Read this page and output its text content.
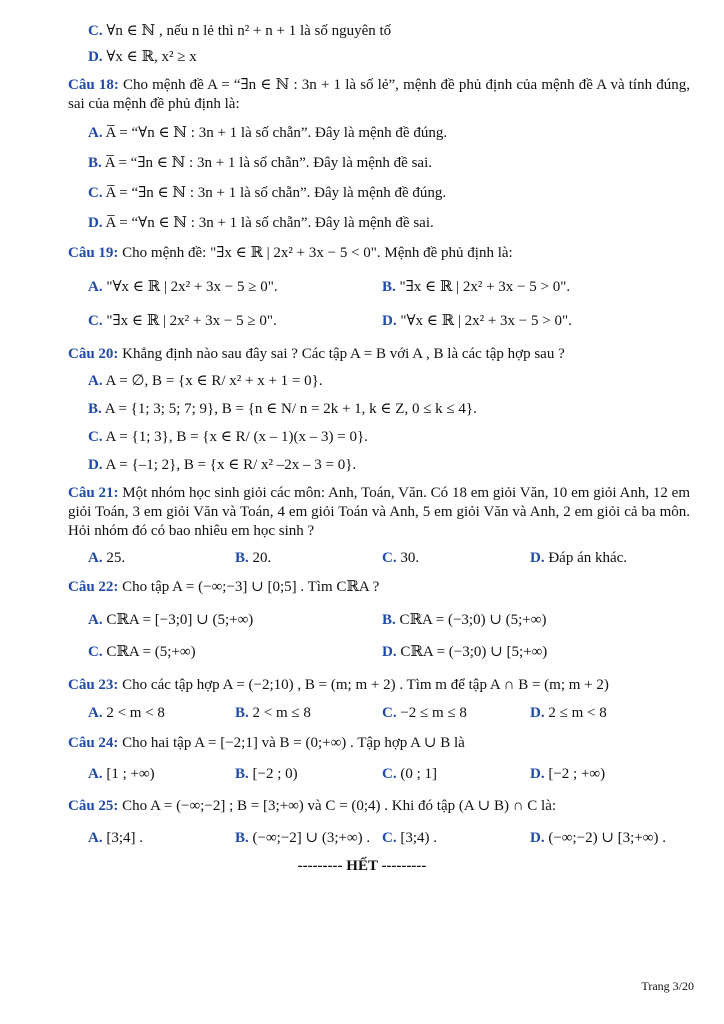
C. ∀n ∈ ℕ , nếu n lẻ thì n² + n + 1 là số nguyên tố
D. ∀x ∈ ℝ, x² ≥ x
Câu 18: Cho mệnh đề A = “∃n ∈ ℕ : 3n + 1 là số lẻ”, mệnh đề phủ định của mệnh đề A và tính đúng, sai của mệnh đề phủ định là:
A. A̅ = “∀n ∈ ℕ : 3n + 1 là số chẵn”. Đây là mệnh đề đúng.
B. A̅ = “∃n ∈ ℕ : 3n + 1 là số chẵn”. Đây là mệnh đề sai.
C. A̅ = “∃n ∈ ℕ : 3n + 1 là số chẵn”. Đây là mệnh đề đúng.
D. A̅ = “∀n ∈ ℕ : 3n + 1 là số chẵn”. Đây là mệnh đề sai.
Câu 19: Cho mệnh đề: "∃x ∈ ℝ | 2x² + 3x − 5 < 0". Mệnh đề phủ định là:
A. "∀x ∈ ℝ | 2x² + 3x − 5 ≥ 0".	B. "∃x ∈ ℝ | 2x² + 3x − 5 > 0".
C. "∃x ∈ ℝ | 2x² + 3x − 5 ≥ 0".	D. "∀x ∈ ℝ | 2x² + 3x − 5 > 0".
Câu 20: Khẳng định nào sau đây sai ? Các tập A = B với A , B là các tập hợp sau ?
A. A = ∅, B = {x ∈ R/ x² + x + 1 = 0}.
B. A = {1; 3; 5; 7; 9}, B = {n ∈ N/ n = 2k + 1, k ∈ Z, 0 ≤ k ≤ 4}.
C. A = {1; 3}, B = {x ∈ R/ (x – 1)(x – 3) = 0}.
D. A = {–1; 2}, B = {x ∈ R/ x² –2x – 3 = 0}.
Câu 21: Một nhóm học sinh giỏi các môn: Anh, Toán, Văn. Có 18 em giỏi Văn, 10 em giỏi Anh, 12 em giỏi Toán, 3 em giỏi Văn và Toán, 4 em giỏi Toán và Anh, 5 em giỏi Văn và Anh, 2 em giỏi cả ba môn. Hỏi nhóm đó có bao nhiêu em học sinh ?
A. 25.	B. 20.	C. 30.	D. Đáp án khác.
Câu 22: Cho tập A = (−∞;−3] ∪ [0;5] . Tìm CℝA ?
A. CℝA = [−3;0] ∪ (5;+∞)	B. CℝA = (−3;0) ∪ (5;+∞)
C. CℝA = (5;+∞)	D. CℝA = (−3;0) ∪ [5;+∞)
Câu 23: Cho các tập hợp A = (−2;10) , B = (m; m + 2) . Tìm m để tập A ∩ B = (m; m + 2)
A. 2 < m < 8	B. 2 < m ≤ 8	C. −2 ≤ m ≤ 8	D. 2 ≤ m < 8
Câu 24: Cho hai tập A = [−2;1] và B = (0;+∞) . Tập hợp A ∪ B là
A. [1 ; +∞)	B. [−2 ; 0)	C. (0 ; 1]	D. [−2 ; +∞)
Câu 25: Cho A = (−∞;−2] ; B = [3;+∞) và C = (0;4) . Khi đó tập (A ∪ B) ∩ C là:
A. [3;4] .	B. (−∞;−2] ∪ (3;+∞) . C. [3;4) .	D. (−∞;−2) ∪ [3;+∞) .
--------- HẾT ---------
Trang 3/20
